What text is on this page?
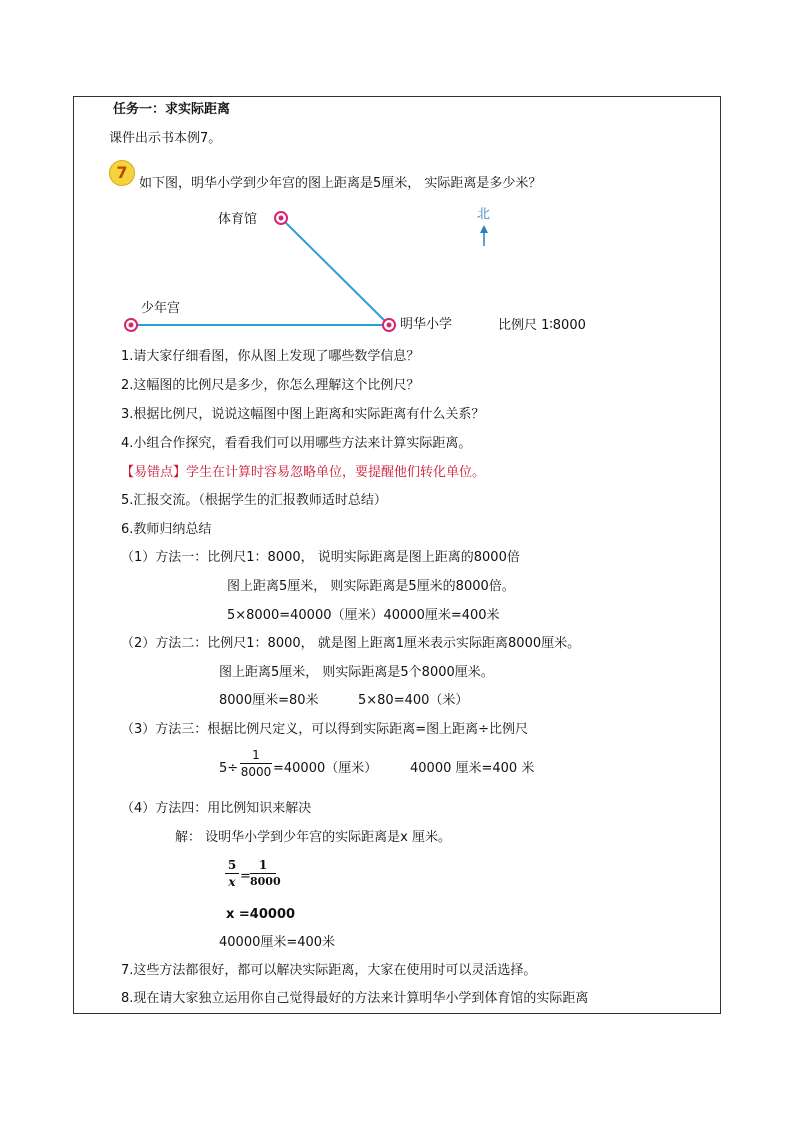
任务一：求实际距离
课件出示书本例7。
7
如下图，明华小学到少年宫的图上距离是5厘米， 实际距离是多少米？
体育馆
少年宫
明华小学
北
比例尺 1∶8000
1.请大家仔细看图，你从图上发现了哪些数学信息？
2.这幅图的比例尺是多少，你怎么理解这个比例尺？
3.根据比例尺，说说这幅图中图上距离和实际距离有什么关系？
4.小组合作探究，看看我们可以用哪些方法来计算实际距离。
【易错点】学生在计算时容易忽略单位，要提醒他们转化单位。
5.汇报交流。（根据学生的汇报教师适时总结）
6.教师归纳总结
（1）方法一：比例尺1：8000， 说明实际距离是图上距离的8000倍
图上距离5厘米， 则实际距离是5厘米的8000倍。
5×8000=40000（厘米）40000厘米=400米
（2）方法二：比例尺1：8000， 就是图上距离1厘米表示实际距离8000厘米。
图上距离5厘米， 则实际距离是5个8000厘米。
8000厘米=80米	5×80=400（米）
（3）方法三：根据比例尺定义，可以得到实际距离=图上距离÷比例尺
5÷
1
8000 =40000（厘米）	40000 厘米=400 米
（4）方法四：用比例知识来解决
解： 设明华小学到少年宫的实际距离是x 厘米。
5
x =
1
8000
x =40000
40000厘米=400米
7.这些方法都很好，都可以解决实际距离，大家在使用时可以灵活选择。
8.现在请大家独立运用你自己觉得最好的方法来计算明华小学到体育馆的实际距离
